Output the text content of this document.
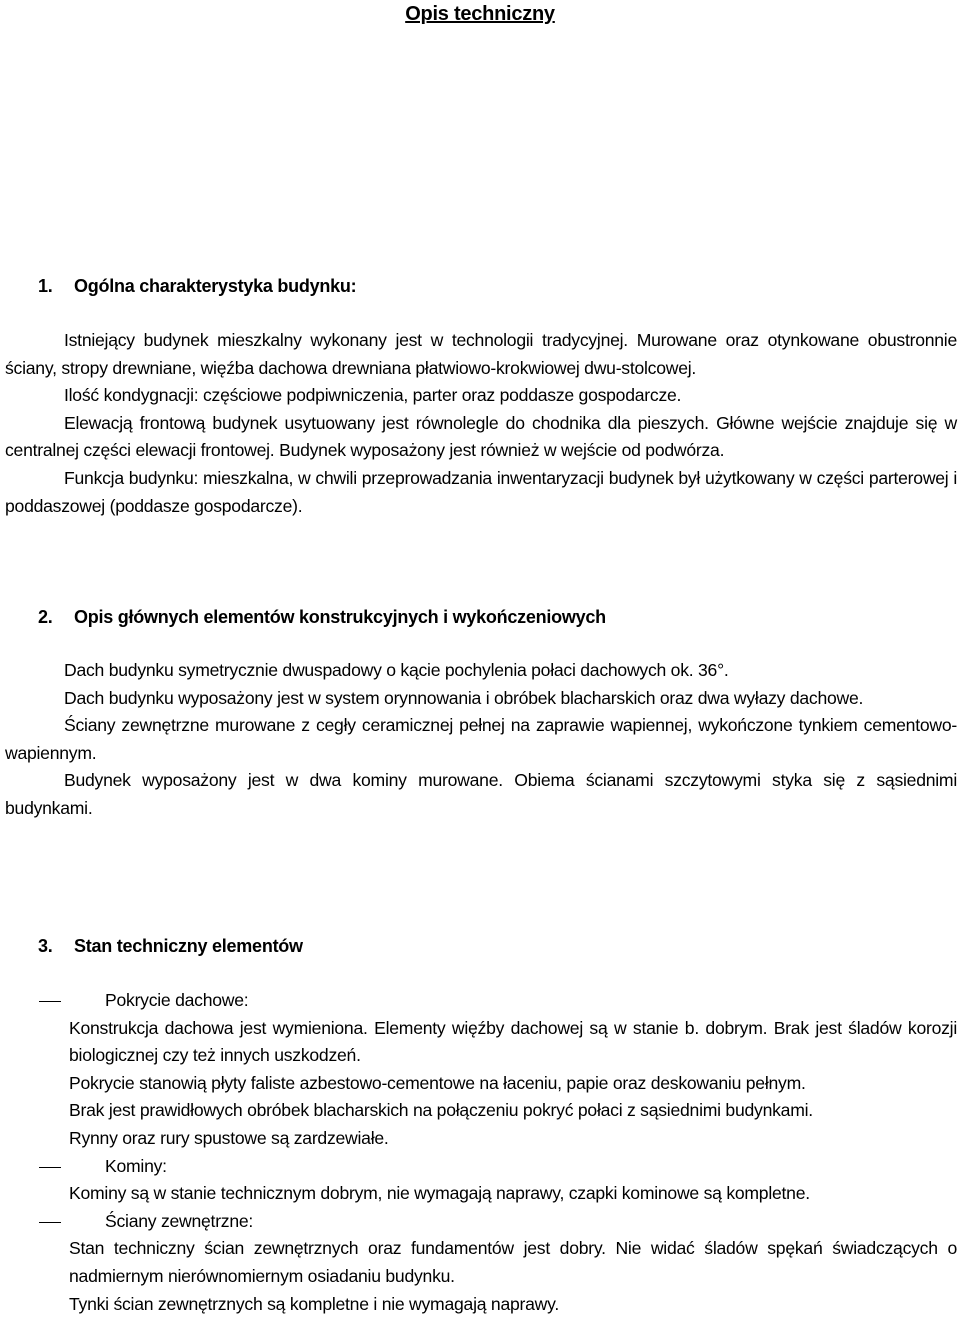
Opis techniczny
1. Ogólna charakterystyka budynku:

Istniejący budynek mieszkalny wykonany jest w technologii tradycyjnej. Murowane oraz otynkowane obustronnie ściany, stropy drewniane, więźba dachowa drewniana płatwiowo-krokwiowej dwu-stolcowej.

Ilość kondygnacji: częściowe podpiwniczenia, parter oraz poddasze gospodarcze.

Elewacją frontową budynek usytuowany jest równolegle do chodnika dla pieszych. Główne wejście znajduje się w centralnej części elewacji frontowej. Budynek wyposażony jest również w wejście od podwórza.

Funkcja budynku: mieszkalna, w chwili przeprowadzania inwentaryzacji budynek był użytkowany w części parterowej i poddaszowej (poddasze gospodarcze).

2. Opis głównych elementów konstrukcyjnych i wykończeniowych

Dach budynku symetrycznie dwuspadowy o kącie pochylenia połaci dachowych ok. 36°.

Dach budynku wyposażony jest w system orynnowania i obróbek blacharskich oraz dwa wyłazy dachowe.

Ściany zewnętrzne murowane z cegły ceramicznej pełnej na zaprawie wapiennej, wykończone tynkiem cementowo-wapiennym.

Budynek wyposażony jest w dwa kominy murowane. Obiema ścianami szczytowymi styka się z sąsiednimi budynkami.

3. Stan techniczny elementów

Pokrycie dachowe:

Konstrukcja dachowa jest wymieniona. Elementy więźby dachowej są w stanie b. dobrym. Brak jest śladów korozji biologicznej czy też innych uszkodzeń.

Pokrycie stanowią płyty faliste azbestowo-cementowe na łaceniu, papie oraz deskowaniu pełnym.

Brak jest prawidłowych obróbek blacharskich na połączeniu pokryć połaci z sąsiednimi budynkami.

Rynny oraz rury spustowe są zardzewiałe.

Kominy:

Kominy są w stanie technicznym dobrym, nie wymagają naprawy, czapki kominowe są kompletne.

Ściany zewnętrzne:

Stan techniczny ścian zewnętrznych oraz fundamentów jest dobry. Nie widać śladów spękań świadczących o nadmiernym nierównomiernym osiadaniu budynku.

Tynki ścian zewnętrznych są kompletne i nie wymagają naprawy.
